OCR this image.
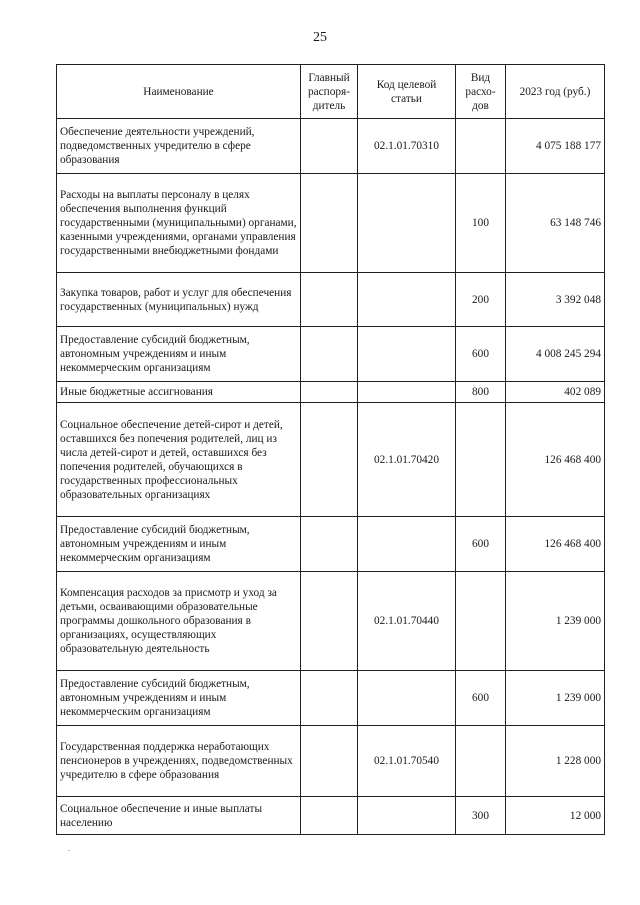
25
Наименование	Главный распоря-дитель	Код целевой статьи	Вид расхо-дов	2023 год (руб.)
Обеспечение деятельности учреждений, подведомственных учредителю в сфере образования		02.1.01.70310		4 075 188 177
Расходы на выплаты персоналу в целях обеспечения выполнения функций государственными (муниципальными) органами, казенными учреждениями, органами управления государственными внебюджетными фондами			100	63 148 746
Закупка товаров, работ и услуг для обеспечения государственных (муниципальных) нужд			200	3 392 048
Предоставление субсидий бюджетным, автономным учреждениям и иным некоммерческим организациям			600	4 008 245 294
Иные бюджетные ассигнования			800	402 089
Социальное обеспечение детей-сирот и детей, оставшихся без попечения родителей, лиц из числа детей-сирот и детей, оставшихся без попечения родителей, обучающихся в государственных профессиональных образовательных организациях		02.1.01.70420		126 468 400
Предоставление субсидий бюджетным, автономным учреждениям и иным некоммерческим организациям			600	126 468 400
Компенсация расходов за присмотр и уход за детьми, осваивающими образовательные программы дошкольного образования в организациях, осуществляющих образовательную деятельность		02.1.01.70440		1 239 000
Предоставление субсидий бюджетным, автономным учреждениям и иным некоммерческим организациям			600	1 239 000
Государственная поддержка неработающих пенсионеров в учреждениях, подведомственных учредителю в сфере образования		02.1.01.70540		1 228 000
Социальное обеспечение и иные выплаты населению			300	12 000
